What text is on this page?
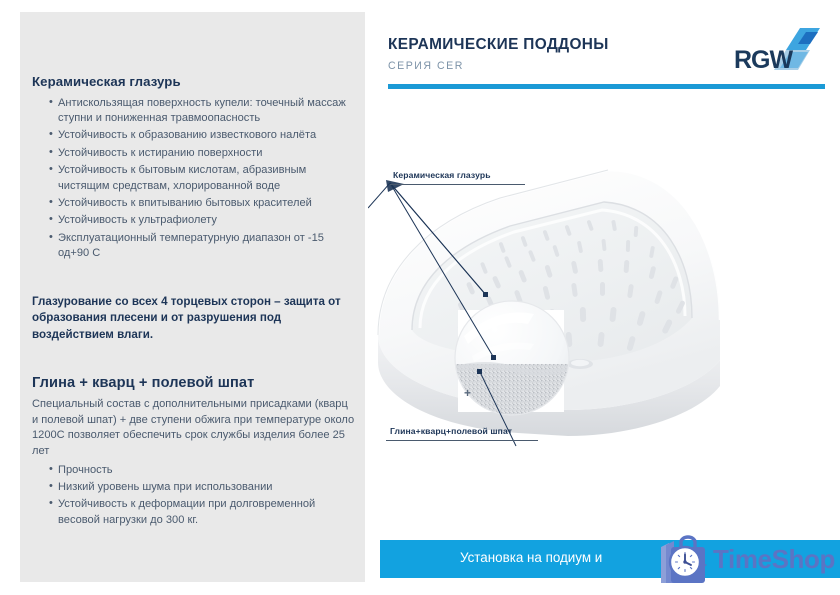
Керамическая глазурь
• Антискользящая поверхность купели: точечный массаж ступни и пониженная травмоопасность
• Устойчивость к образованию известкового налёта
• Устойчивость к истиранию поверхности
• Устойчивость к бытовым кислотам, абразивным чистящим средствам, хлорированной воде
• Устойчивость к впитыванию бытовых красителей
• Устойчивость к ультрафиолету
• Эксплуатационный температурную диапазон от -15 од+90 С

Глазурование со всех 4 торцевых сторон – защита от образования плесени и от разрушения под воздействием влаги.

Глина + кварц + полевой шпат

Специальный состав с дополнительными присадками (кварц и полевой шпат) + две ступени обжига при температуре около 1200С позволяет обеспечить срок службы изделия более 25 лет

• Прочность
• Низкий уровень шума при использовании
• Устойчивость к деформации при долговременной весовой нагрузки до 300 кг.
КЕРАМИЧЕСКИЕ ПОДДОНЫ
СЕРИЯ CER	RGW
Керамическая глазурь
Глина+кварц+полевой шпат
+
Установка на подиум и	TimeShop
